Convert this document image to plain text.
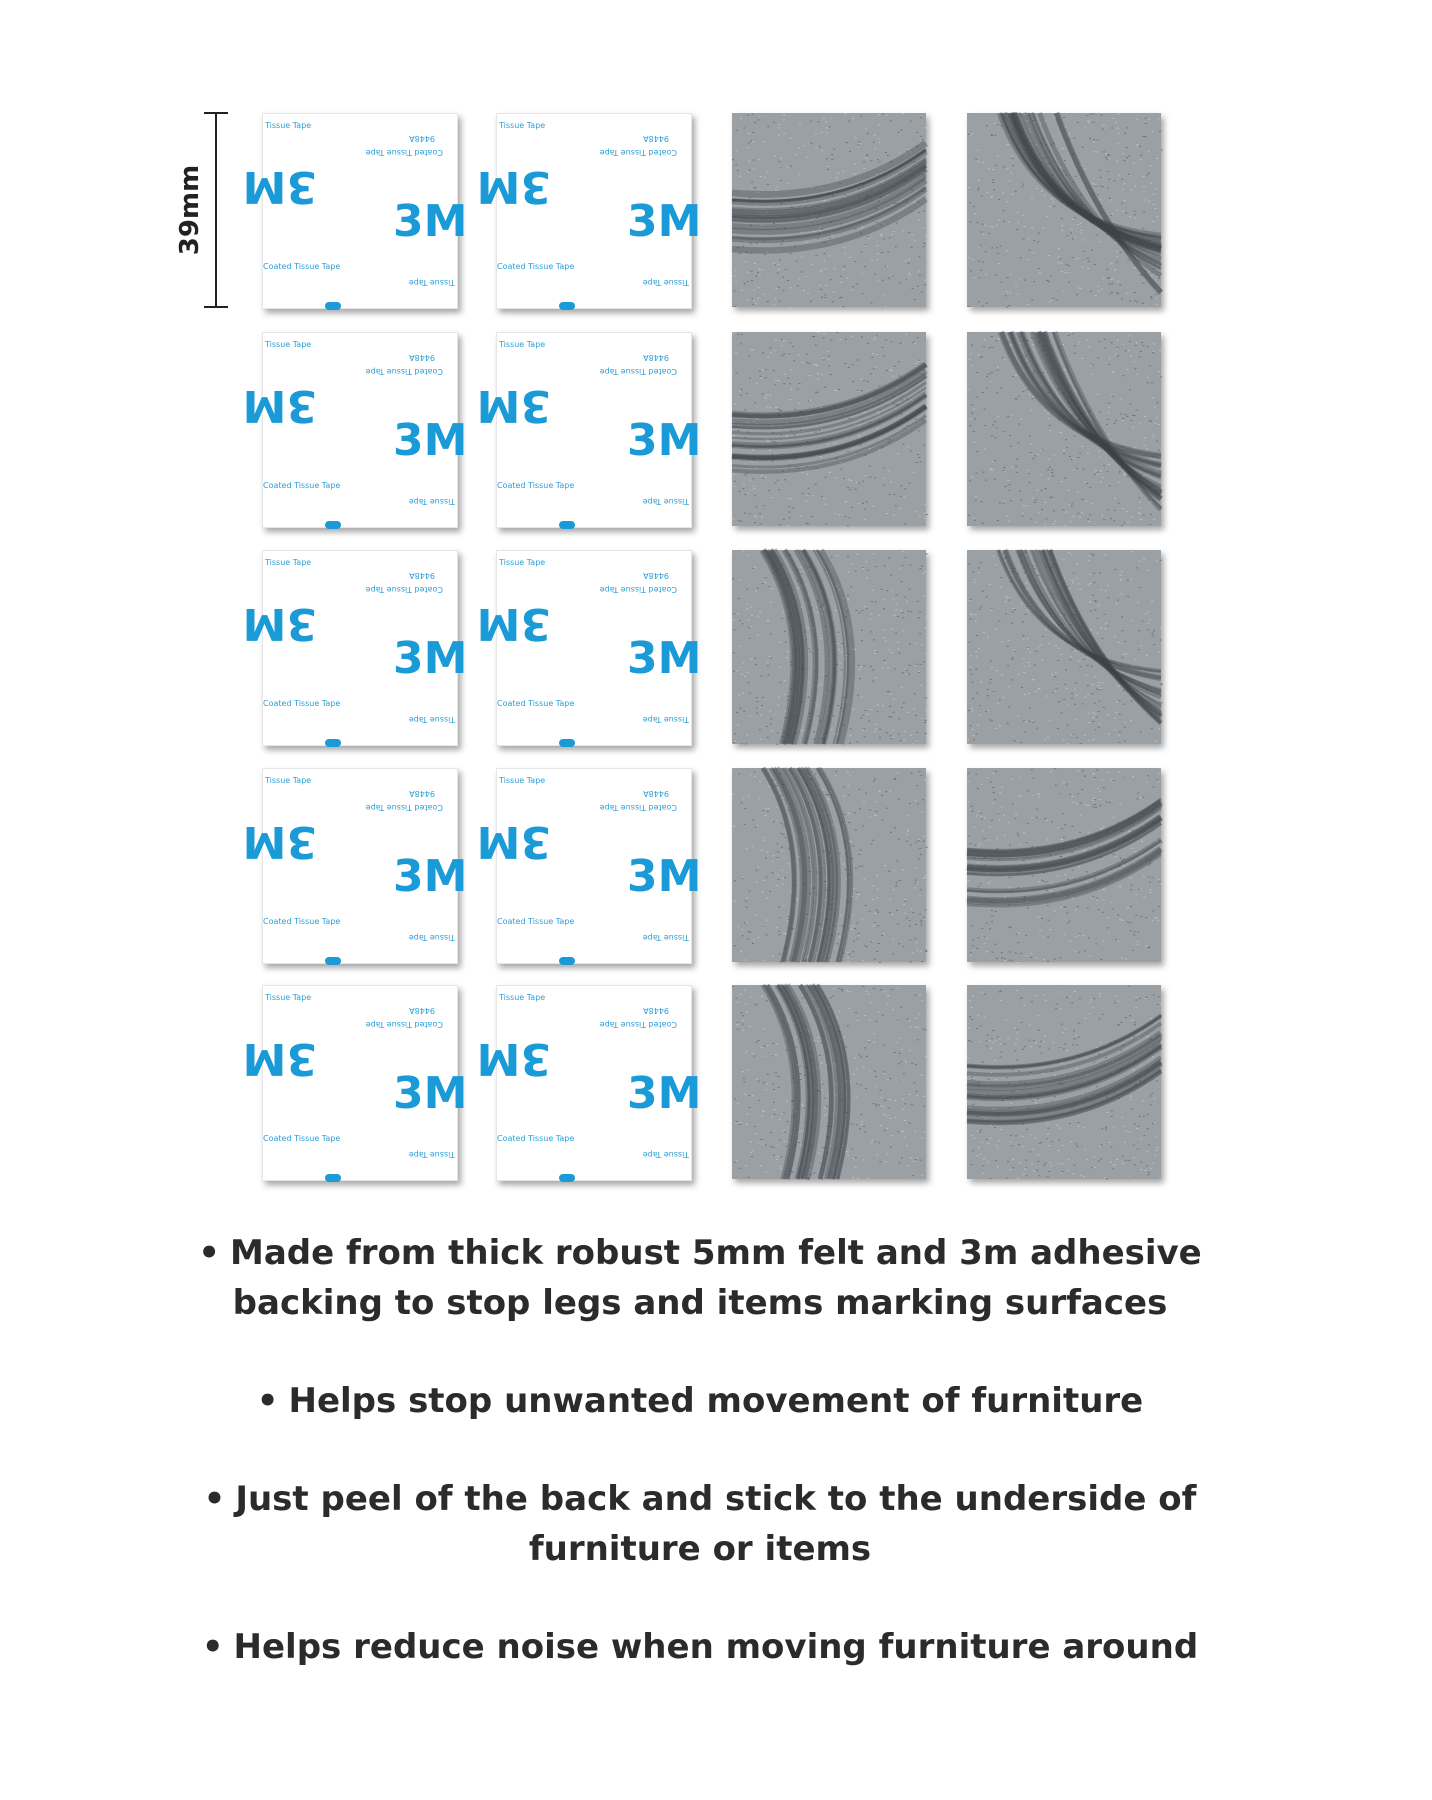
39mm
Tissue Tape
Coated Tissue Tape
9448A
3M
3M
Coated Tissue Tape
Tissue Tape
Tissue Tape
Coated Tissue Tape
9448A
3M
3M
Coated Tissue Tape
Tissue Tape
Tissue Tape
Coated Tissue Tape
9448A
3M
3M
Coated Tissue Tape
Tissue Tape
Tissue Tape
Coated Tissue Tape
9448A
3M
3M
Coated Tissue Tape
Tissue Tape
Tissue Tape
Coated Tissue Tape
9448A
3M
3M
Coated Tissue Tape
Tissue Tape
Tissue Tape
Coated Tissue Tape
9448A
3M
3M
Coated Tissue Tape
Tissue Tape
Tissue Tape
Coated Tissue Tape
9448A
3M
3M
Coated Tissue Tape
Tissue Tape
Tissue Tape
Coated Tissue Tape
9448A
3M
3M
Coated Tissue Tape
Tissue Tape
Tissue Tape
Coated Tissue Tape
9448A
3M
3M
Coated Tissue Tape
Tissue Tape
Tissue Tape
Coated Tissue Tape
9448A
3M
3M
Coated Tissue Tape
Tissue Tape
• Made from thick robust 5mm felt and 3m adhesive backing to stop legs and items marking surfaces
• Helps stop unwanted movement of furniture
• Just peel of the back and stick to the underside of furniture or items
• Helps reduce noise when moving furniture around
